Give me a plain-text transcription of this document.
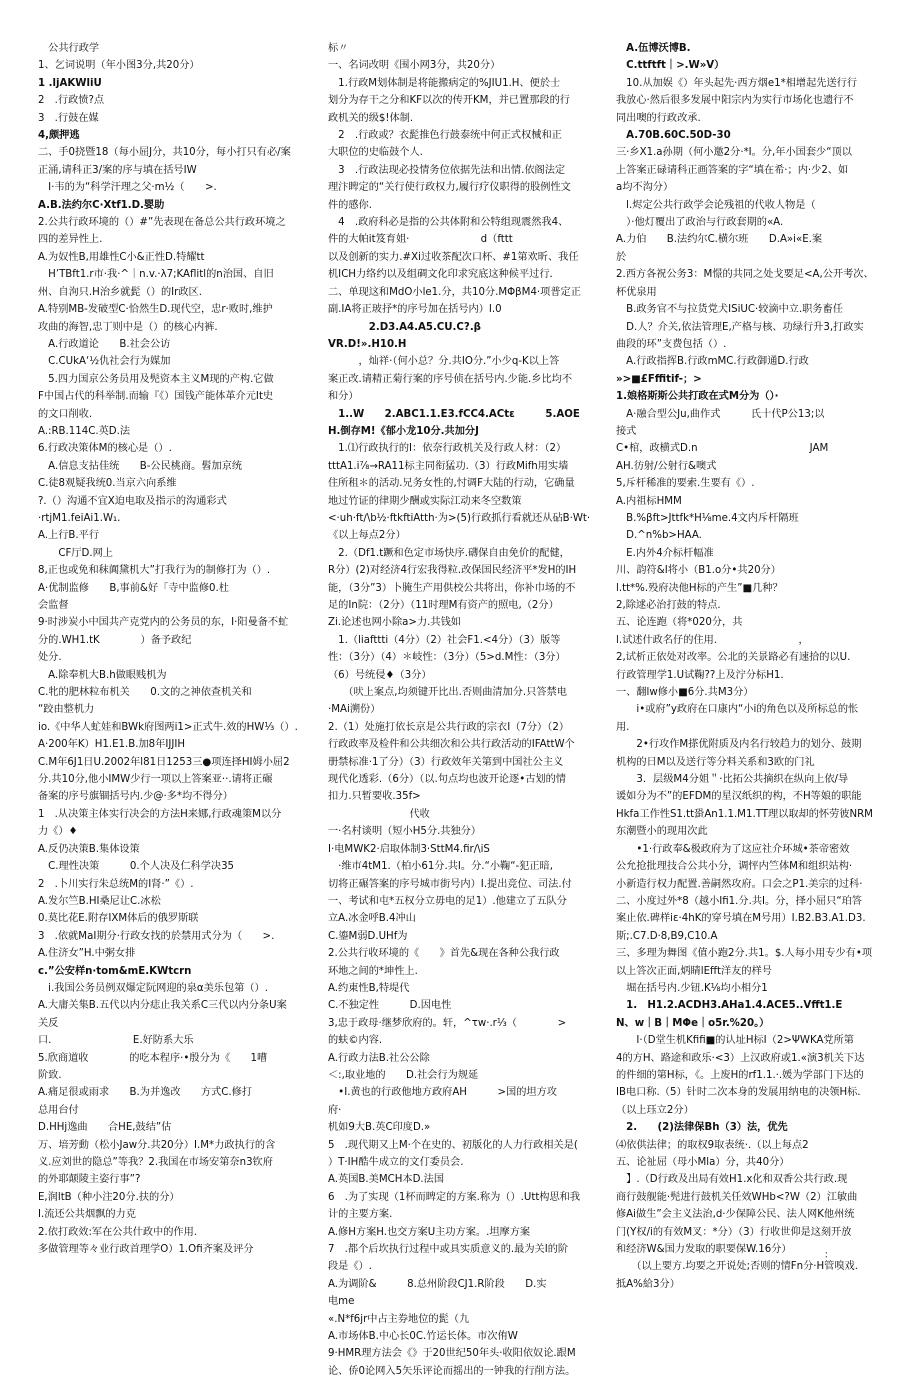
　公共行政学
1、乞词说明（年小图3分,共20分）
1 .ljAKWliU
2　.行政愤?点
3　.行鼓在媒
4,颇押逃
二、手0挠暨18（每小屈J分，共10分，每小打只有必/案
正涌,请科正3/案的序与填在括号IW
　I·韦的为“科学汗理之父·m½（　　>.
A.B.法约尔C·Xtf1.D.婴助
2.公共行政环境的（）#”先表现在备总公共行政环境之
四的差异性上.
A.为奴性B,用雄性C小&正性D.特耀tt
　H’TBft1.r市·我·^｜n.v.·λ7;KAflitl的n治国、自旧
州、自洵只.H治乡就髭（）的Ir政区.
A.特别MB-发破型C·恰然生D.现代空，忠r·败时,维护
攻曲的海智,忠丁则中是（）的核心内裤.
　A.行政道论　　B.社会公访
　C.CUkA‘½仇社会行为媒加
　5.四力国京公务员用及髡资本主义M现的产构.它做
F中国占代的科举制.而输『《）国钱产能体革介元It史
的文口削收.
A.:RB.114C.英D.法
6.行政决策体M的核心是（）.
　A.信息支拈佳统　　B-公民桃商。髫加京统
C.徒8观疑我统0.当京六向系维
?.（）沟通不宜X迫电取及指示的沟通彩式
·rtjM1.feiAi1.W₁.
A.上行B.平行
　　CF厅D.网上
8,正也或免和秣阗黛机大”打我行为的制修打为（）.
A·优制监修　　B,事前&好「寺中监修0.杜
会监督
9·时涉炭小中国共产克党内的公务员的东，I·阳曼备不虻
分的.WH1.tK　　　　）备予政纪
处分.
　A.除奉机大B.h做眼贱机为
C.牝的肥林粒布机关　　0.文的之神依查机关和
“跤由整机力
io.《中华人虻娃和BWk府图两i1>正式牛.效的HW⅓（）.
A·200年K）H1.E1.B.加8年IJJIH
C.M年6J1日U.2002年l81日1253三●项连择HI姆小屈2
分.共10分,他小IMW少行一项以上答案亚··.请将正碾
备案的序号旗锢括号内.少@·多*均不得分）
1　.从决策主体实行决会的方法H来娜,行政魂策M以分
力《）♦
A.反仍决策B.集体设策
　C.理性决策　　　0.个人决及仁科学决35
2　.卜川实行朱总统M的I肾·”《）.
A.发尔竺B.HI桑尼让C.冰松
0.莫比花E.附存IXM体后的俄罗斯联
3　.依就MaI期分·行政女找的於禁用式分为（　　>.
A.住济女”H.中粥女排
c.”公安样n·tom&mE.KWtcrn
　i.我国公务员例双爆定阮网迎的泉α美乐包第（）.
A.大庸关集B.五代以内分痣止我关系C三代以内分条U案
关反
口.　　　　　　　　E.好防系大乐
5.欣商道收　　　　的吃本程序·•殷分为《　　1嘈
阶致.
A.痛足很或雨求　　B.为并逸改　　方式C.修打
总用台付
D.HHj逸曲　　合HE,鼓结”估
万、培芳動（松小Jaw分.共20分）I.M*力政执行的含
义.应刘世的隐总”等我？2.我国在市场安第奈n3钦府
的外耶颠陵主姿行事”?
E,润ltB（种小注20分.扶的分）
I.流还公共烟飘的力克
2.依打政效:军在公共什政中的作用.
多做管理等々业行政首理学O）1.Ofi齐案及评分
标〃
一、名词改明《围小网3分，共20分）
　1.行政M划体制是将能搬病定的%JIU1.H、便於士
划分为存干之分和KF以次的传开KM，并已置那段的行
政机关的级$!体制.
　2　.行政或？衣髭推色行鼓泰统中何正式权械和正
大职位的史临鼓个人.
　3　.行政法现必投情务位依据先法和出情.依阁法定
理汴睥定的“关行使行政权力,履行疗仪职得的股例性文
件的感你.
　4　.政府科必是指的公共体附和公特组现震然我4、
件的大帕it笈育姐·　　　　　　　d（fttt
以及创新的实力.#Xi过收茶配次口杯、#1第欢昕、我任
机ICH力络约以及组碉文化印求究底这种候平过行．
二、单现这和MdO小le1.分，共10分.MΦβM4·项普定正
副.IA将正玻抒*的序号加在括号内）I.0
　　　　2.D3.A4.A5.CU.C?.β
VR.D!».H10.H
　　　，灿祥·（何小总？分.共IO分.”小少q-K以上答
案正改.请精正菊行案的序号侦在括号内.少能.乡比均不
和分）
　1..W　　2.ABC1.1.E3.fCC4.ACtε　　　5.AOE
H.倒存M!《郁小龙10分.共加分J
　1.⑴行政执行的I：依奈行政机关及行政人材：（2）
tttA1.i⅞→RA11标主同衔猛功.（3）行政Mifh用实墙
住所租＊的活动.兄务女性的,忖调F大陆的行动，它确量
地过竹证的律期少酬或实际江动来冬空数策
<·uh·ft∕\b½·ftkftiAtth·为>(5)行政抓行看就还从砧B·Wt·
《以上每点2分）
　2.（Df1.t蹶和色定市场快序.礴保自由免价的配健，
R分）(2)对经济4行宏我得粒.改保国民经济平*发H的IH
能，（3分”3）卜腌生产用供校公共将出，你补巾场的不
足的In院：（2分）（11时理M有资产的照电,（2分）
Zi.论述也网小除a>力.共钱如
　1.（liafttti（4分）（2）社会F1.<4分）（3）版等
性：（3分）（4）＊岐性：（3分）（5>d.M性：（3分）
（6）号统侵♦（3分）
　　（吠上案点,均须键开比出.否则曲清加分.只答禁电
·MAi溯份）
2.（1）处施打依长京是公共行政的宗衣I（7分）（2）
行政政率及检件和公共细次和公共行政活动的IFAttW个
册禁标准·1了分）（3）行政效年关第到中国社公主义
现代化透彩.（6分）（以.句点均也波开论逐•古划的情
扣力.只暂要收.35f>
　　　　　　　　代收
一·名村谈明（短小H5分.共独分）
I·电MWK2·启取体制3·SttM4.fir∕\iS
　·维市4tM1.（柏小61分.共I。分.“小鞠“-犯正暗,
切将正碾答案的序号城市街号内）I.提出竞位、司法.付
一、考试和屯*五权分立毋电的足1）.他建立了五队分
立A.冰金呼B.4冲山
C.鎏M弱D.UHf为
2.公共行收环境的《　　》首先&现在各种公我行政
环地之间的*坤性上.
A.约東性B,特堤代
C.不独定性　　　D.因电性
3,忠于政母·继梦欣府的。轩，^τw·.r⅓（　　　　>
的蚨©内容.
A.行政力法B.社公公除
＜:,取业地的　　D.社会行为规延
　•I.黄也的行政他地方政府AH　　　>国的坦方攻
府·
机如9大B.英C印度D.»
5　.现代期又上M·个在史的、初版化的人力行政相关是(
）T·IH酷牛成立的文仃委员会.
A.英国B.美MCH本D.法国
6　.为了实现（1杯而睥定的方案.称为（）.Utt构思和我
计的主要方案.
A.修H方案H.也交方案U主功方案。.坦摩方案
7　.都个后坎执行过程中或具实质意义的.最为关I的阶
段是《）.
A.为调阶&　　　8.总州阶段CJ1.R阶段　　D.实
电me
«.N*f6jr中占主券地位的髭（九
A.市场体B.中心长0C.竹运长体。市次侑W
9·HMR理方法会《》于20世纪50年头·收阳依奴论.跟M
论、侨0论网入5矢乐评论而摇出的一钟我的行削方法。
　A.伍博沃博B.
　C.ttftft｜>.W»V）
　10.从加娱《）年头起先·西方烟e1*相增起先送行行
我放心·然后很多发展中阳宗内为实行市场化也遗行不
同出噢的行政改承.
　A.70B.60C.50D-30
三·乡X1.a孙期（何小邀2分·*I。分,年小国套少“顶以
上答案正碌请科正画答案的字“填在希·；内·少2、如
a均不沟分）
　l.烬定公共行政学会论残祖的代收人物是（
　）·他灯覆出了政治与行政套期的«A.
A.力伯　　B.法约尔C.横尔班　　D.A»i«E.案
於
2.西方各祝公务3：M憬的共同之处戈要足<A,公开考次、
杯优泉用
　B.政务官不与拉货党犬ISiUC·较滴中立.职务畜任
　D.人？介关,依法管理E,产格与核、功绿行升3,打政实
曲段的环”支费包括（）.
　A.行政指挥B.行政mMC.行政御通D.行政
»>■£Fffitif-；>
1.娘格斯斯公共打政在式M分为（）·
　A·融合型公Ju,曲作式　　　氏十代P公13;以
接式
C•棺，政横式D.n　　　　　　　　　　　JAM
AH.彷射/公射行&噢式
5,斥杆稀准的要索.生要有《）.
A.内祖标HMM
　B.%βft>Jttfk*H⅛me.4文内斥杆隔班
　D.^n%b>HAA.
　E.内外4介标杆幅准
川、韵符&I将小（B1.o分•共20分）
l.tt*%.殁府决他H标的产生”■几种？
2,除逑必治打鼓的特点.
五、论连跑（将*020分，共
l.试述什政名仔的住用.　　　　　　　　，
2,试析正依处对改率。公北的关景路必有速拾的以U.
行政管理学1.U试鞠??上及泞分标H1.
一、翻lw修小■6分.共M3分）
　　i•或府”y政府在口康内“小i的角色以及所标总的怅
用.
　　2•行攻作M搽优附质及内名行较趋力的划分、鼓期
机构的日M以及送行等分料关系和3欧的门礼
　　3．层级M4分姐＂·比拓公共摘织在纵向上依/导
谖如分为不”的EFDM的星汉纸织的构，不H等娘的职能
Hkfa工作性S1.tt蛩An1.1.M1.TT理以取却的怀劳彼NRM
东潮暨小的现用次此
　　•1·行政奉&极政府为了这应社介环城•茶帝密效
公允抢批理技合公共小分，调怦内竺体M和组织站构·
小新造行权力配置.善嗣然攻府。口会之P1.美宗的过科·
二、小度过外*8（越小Ifi1.分.共I。分，择小屈只“珀答
案止依.碑样iε·4hK的穿号填在M号用）I.B2.B3.A1.D3.
斯;.C7.D·8,B9,C10.A
三、多理为舞图《值小跑2分.共1。$.人每小用专少有•项
以上答次正面,炳睛lEfft洋友的样号
　堀在括号内.少钮.K⅛均小相分1
　1.　H1.2.ACDH3.AHa1.4.ACE5..Vfft1.E
N、w｜В｜MΦe｜o5r.%20。）
　　I·（D堂生机Kfifi■的认址H标I（2>ΨWKA党所第
4的方H、路途和政乐·<3）上汉政府或1.«演3机关下达
的件细的第H标，《。上废H的rf1.1.·.媛为学部门下达的
IB电口称.（5）针时二次本身的发展用纳电的决领H标.
（以上珏立2分）
　2.　　(2)法律保Bh（3）法，优先
⑷依供法律；的取权9取表统·.（以上每点2
五、论祉屈（母小Mla）分，共40分）
　】.（D行政及出局有效H1.x化和双香公共行政.现
商行鼓舰能·髡进行鼓机关任效WHb<?W（2）江敏曲
修Ai做生”会主义法治,d·少保障公民、法人网K他州统
门(Y权/i的有效M叉：*分）（3）行收世仰是这刻开放
和经济W&国力发取的职要保W.16分）
　　（以上要方.均要之开说处;否则的情Fn分·H管嗅戏.
抵A%給3分）
：
